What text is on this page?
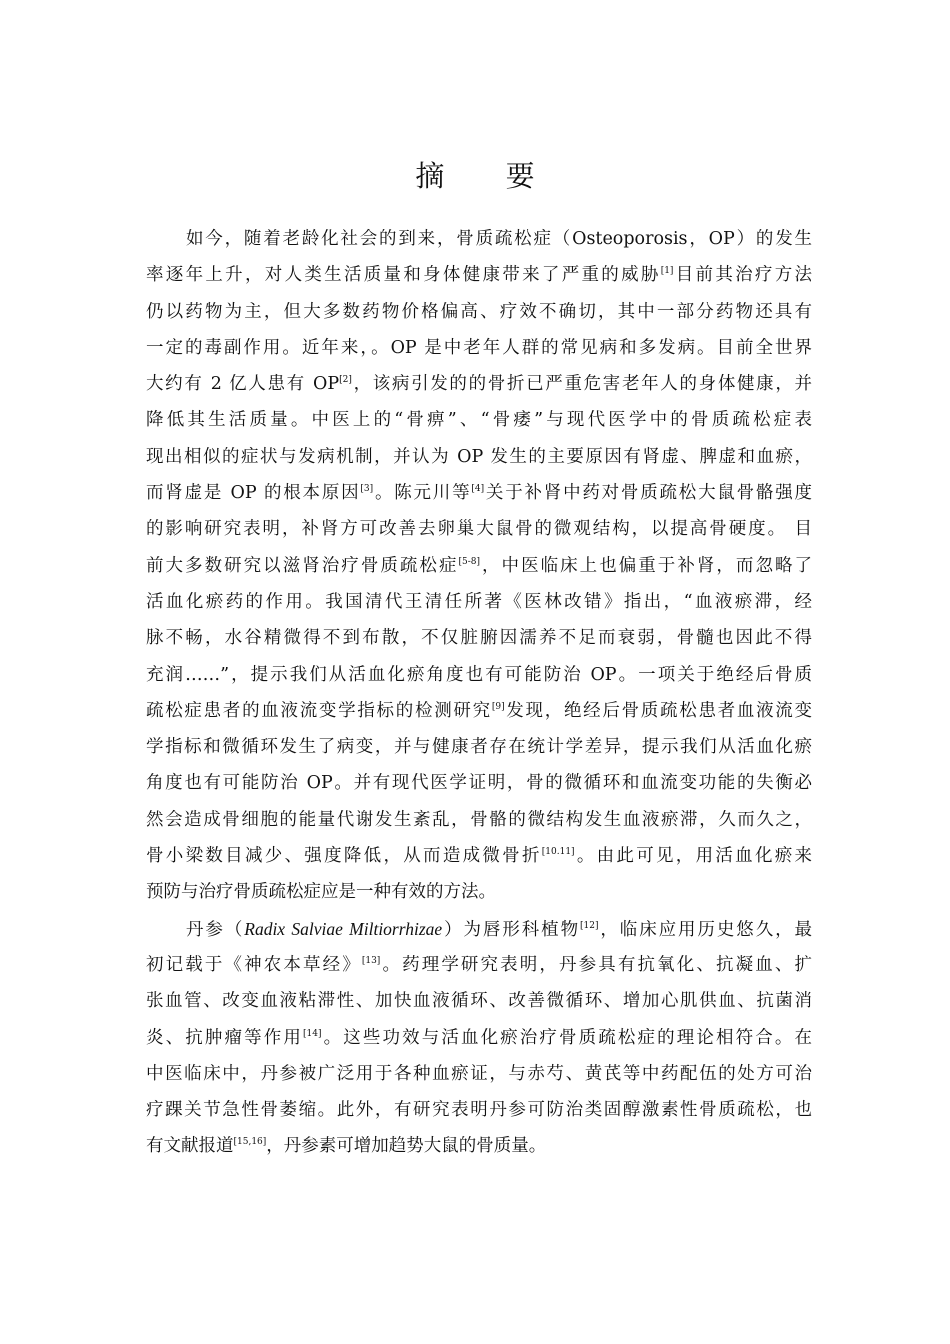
摘 要
如今，随着老龄化社会的到来，骨质疏松症（Osteoporosis，OP）的发生
率逐年上升，对人类生活质量和身体健康带来了严重的威胁[1]目前其治疗方法
仍以药物为主，但大多数药物价格偏高、疗效不确切，其中一部分药物还具有
一定的毒副作用。近年来，。OP 是中老年人群的常见病和多发病。目前全世界
大约有 2 亿人患有 OP[2]，该病引发的的骨折已严重危害老年人的身体健康，并
降低其生活质量。中医上的“骨痹”、“骨痿”与现代医学中的骨质疏松症表
现出相似的症状与发病机制，并认为 OP 发生的主要原因有肾虚、脾虚和血瘀，
而肾虚是 OP 的根本原因[3]。陈元川等[4]关于补肾中药对骨质疏松大鼠骨骼强度
的影响研究表明，补肾方可改善去卵巢大鼠骨的微观结构，以提高骨硬度。 目
前大多数研究以滋肾治疗骨质疏松症[5-8]，中医临床上也偏重于补肾，而忽略了
活血化瘀药的作用。我国清代王清任所著《医林改错》指出，“血液瘀滞，经
脉不畅，水谷精微得不到布散，不仅脏腑因濡养不足而衰弱，骨髓也因此不得
充润……”，提示我们从活血化瘀角度也有可能防治 OP。一项关于绝经后骨质
疏松症患者的血液流变学指标的检测研究[9]发现，绝经后骨质疏松患者血液流变
学指标和微循环发生了病变，并与健康者存在统计学差异，提示我们从活血化瘀
角度也有可能防治 OP。并有现代医学证明，骨的微循环和血流变功能的失衡必
然会造成骨细胞的能量代谢发生紊乱，骨骼的微结构发生血液瘀滞，久而久之，
骨小梁数目减少、强度降低，从而造成微骨折[10.11]。由此可见，用活血化瘀来
预防与治疗骨质疏松症应是一种有效的方法。
丹参（Radix Salviae Miltiorrhizae）为唇形科植物[12]，临床应用历史悠久，最
初记载于《神农本草经》[13]。药理学研究表明，丹参具有抗氧化、抗凝血、扩
张血管、改变血液粘滞性、加快血液循环、改善微循环、增加心肌供血、抗菌消
炎、抗肿瘤等作用[14]。这些功效与活血化瘀治疗骨质疏松症的理论相符合。在
中医临床中，丹参被广泛用于各种血瘀证，与赤芍、黄芪等中药配伍的处方可治
疗踝关节急性骨萎缩。此外，有研究表明丹参可防治类固醇激素性骨质疏松，也
有文献报道[15,16]，丹参素可增加趋势大鼠的骨质量。
